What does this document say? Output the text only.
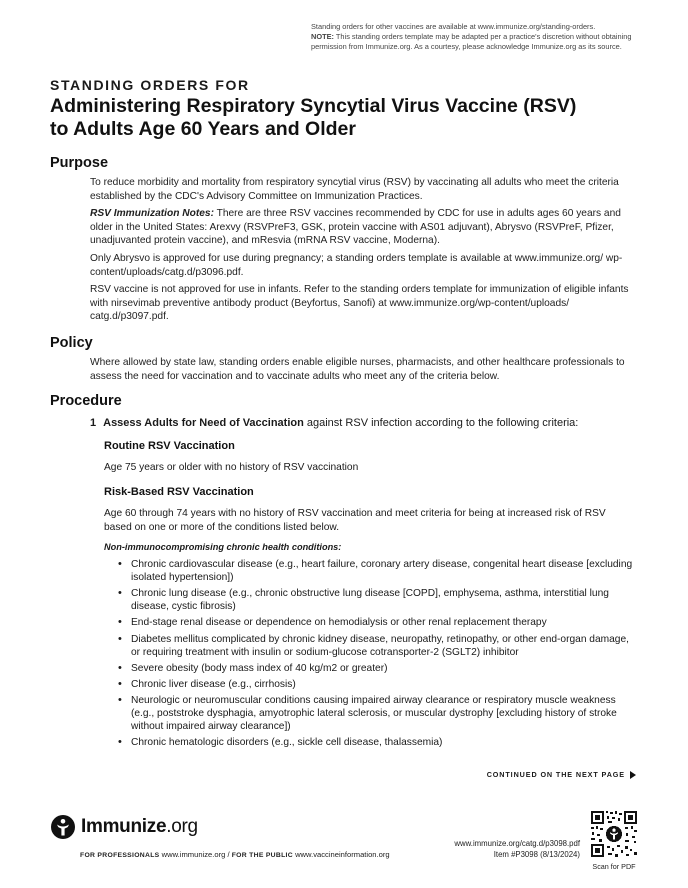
Standing orders for other vaccines are available at www.immunize.org/standing-orders.
NOTE: This standing orders template may be adapted per a practice's discretion without obtaining permission from Immunize.org. As a courtesy, please acknowledge Immunize.org as its source.
STANDING ORDERS FOR
Administering Respiratory Syncytial Virus Vaccine (RSV)
to Adults Age 60 Years and Older
Purpose
To reduce morbidity and mortality from respiratory syncytial virus (RSV) by vaccinating all adults who meet the criteria established by the CDC's Advisory Committee on Immunization Practices.
RSV Immunization Notes: There are three RSV vaccines recommended by CDC for use in adults ages 60 years and older in the United States: Arexvy (RSVPreF3, GSK, protein vaccine with AS01 adjuvant), Abrysvo (RSVPreF, Pfizer, unadjuvanted protein vaccine), and mResvia (mRNA RSV vaccine, Moderna).
Only Abrysvo is approved for use during pregnancy; a standing orders template is available at www.immunize.org/ wp-content/uploads/catg.d/p3096.pdf.
RSV vaccine is not approved for use in infants. Refer to the standing orders template for immunization of eligible infants with nirsevimab preventive antibody product (Beyfortus, Sanofi) at www.immunize.org/wp-content/uploads/ catg.d/p3097.pdf.
Policy
Where allowed by state law, standing orders enable eligible nurses, pharmacists, and other healthcare professionals to assess the need for vaccination and to vaccinate adults who meet any of the criteria below.
Procedure
1 Assess Adults for Need of Vaccination against RSV infection according to the following criteria:
Routine RSV Vaccination
Age 75 years or older with no history of RSV vaccination
Risk-Based RSV Vaccination
Age 60 through 74 years with no history of RSV vaccination and meet criteria for being at increased risk of RSV based on one or more of the conditions listed below.
Non-immunocompromising chronic health conditions:
• Chronic cardiovascular disease (e.g., heart failure, coronary artery disease, congenital heart disease [excluding isolated hypertension])
• Chronic lung disease (e.g., chronic obstructive lung disease [COPD], emphysema, asthma, interstitial lung disease, cystic fibrosis)
• End-stage renal disease or dependence on hemodialysis or other renal replacement therapy
• Diabetes mellitus complicated by chronic kidney disease, neuropathy, retinopathy, or other end-organ damage, or requiring treatment with insulin or sodium-glucose cotransporter-2 (SGLT2) inhibitor
• Severe obesity (body mass index of 40 kg/m2 or greater)
• Chronic liver disease (e.g., cirrhosis)
• Neurologic or neuromuscular conditions causing impaired airway clearance or respiratory muscle weakness (e.g., poststroke dysphagia, amyotrophic lateral sclerosis, or muscular dystrophy [excluding history of stroke without impaired airway clearance])
• Chronic hematologic disorders (e.g., sickle cell disease, thalassemia)
CONTINUED ON THE NEXT PAGE
Immunize.org
FOR PROFESSIONALS www.immunize.org / FOR THE PUBLIC www.vaccineinformation.org
www.immunize.org/catg.d/p3098.pdf
Item #P3098 (8/13/2024)
Scan for PDF
